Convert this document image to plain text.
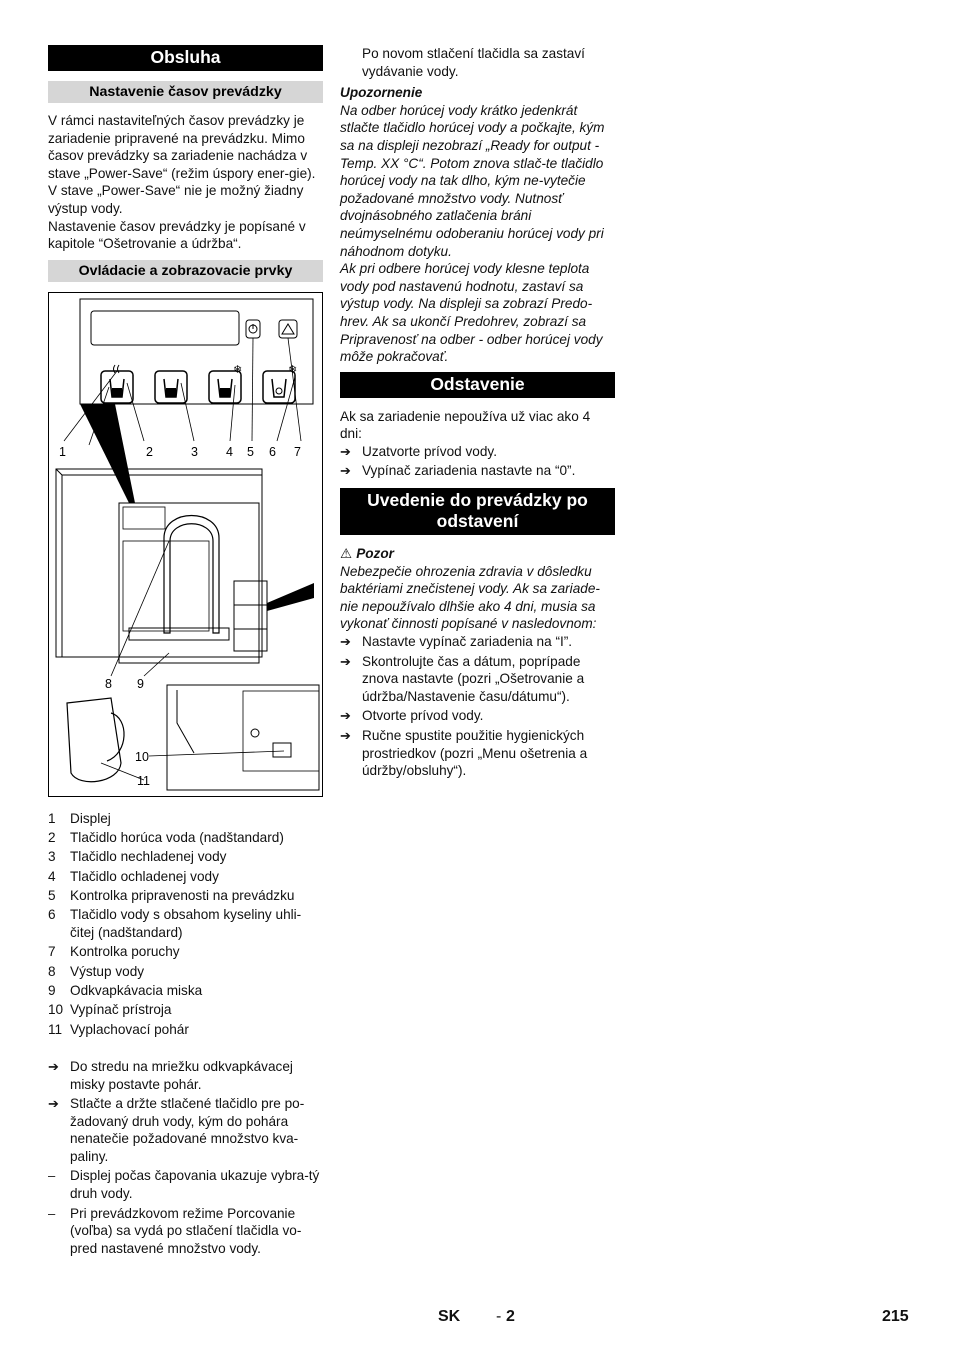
Obsluha
Nastavenie časov prevádzky

V rámci nastaviteľných časov prevádzky je zariadenie pripravené na prevádzku. Mimo časov prevádzky sa zariadenie nachádza v stave „Power-Save“ (režim úspory ener-gie). V stave „Power-Save“ nie je možný žiadny výstup vody.

Nastavenie časov prevádzky je popísané v kapitole “Ošetrovanie a údržba“.

Ovládacie a zobrazovacie prvky
❄	❄
1	2	3 4 5 6 7
8 9
10
11
1	Displej
2	Tlačidlo horúca voda (nadštandard)
3	Tlačidlo nechladenej vody
4	Tlačidlo ochladenej vody
5	Kontrolka pripravenosti na prevádzku
6	Tlačidlo vody s obsahom kyseliny uhli-čitej (nadštandard)
7	Kontrolka poruchy
8	Výstup vody
9	Odkvapkávacia miska
10 Vypínač prístroja
11 Vyplachovací pohár
➔ Do stredu na mriežku odkvapkávacej misky postavte pohár.
➔ Stlačte a držte stlačené tlačidlo pre po-žadovaný druh vody, kým do pohára nenatečie požadované množstvo kva-paliny.
–	Displej počas čapovania ukazuje vybra-tý druh vody.
–	Pri prevádzkovom režime Porcovanie (voľba) sa vydá po stlačení tlačidla vo-pred nastavené množstvo vody.

Po novom stlačení tlačidla sa zastaví vydávanie vody.

Upozornenie

Na odber horúcej vody krátko jedenkrát stlačte tlačidlo horúcej vody a počkajte, kým sa na displeji nezobrazí „Ready for output - Temp. XX °C“. Potom znova stlač-te tlačidlo horúcej vody na tak dlho, kým ne-vytečie požadované množstvo vody. Nutnosť dvojnásobného zatlačenia bráni neúmyselnému odoberaniu horúcej vody pri náhodnom dotyku.

Ak pri odbere horúcej vody klesne teplota vody pod nastavenú hodnotu, zastaví sa výstup vody. Na displeji sa zobrazí Predo-hrev. Ak sa ukončí Predohrev, zobrazí sa Pripravenosť na odber - odber horúcej vody môže pokračovať.

Odstavenie

Ak sa zariadenie nepoužíva už viac ako 4 dni:

➔ Uzatvorte prívod vody.
➔ Vypínač zariadenia nastavte na “0”.
Uvedenie do prevádzky po odstavení

⚠ Pozor

Nebezpečie ohrozenia zdravia v dôsledku baktériami znečistenej vody. Ak sa zariade-nie nepoužívalo dlhšie ako 4 dni, musia sa vykonať činnosti popísané v nasledovnom:

➔ Nastavte vypínač zariadenia na “I”.
➔ Skontrolujte čas a dátum, poprípade znova nastavte (pozri „Ošetrovanie a údržba/Nastavenie času/dátumu“).
➔ Otvorte prívod vody.
➔ Ručne spustite použitie hygienických prostriedkov (pozri „Menu ošetrenia a údržby/obsluhy“).
SK - 2	215
